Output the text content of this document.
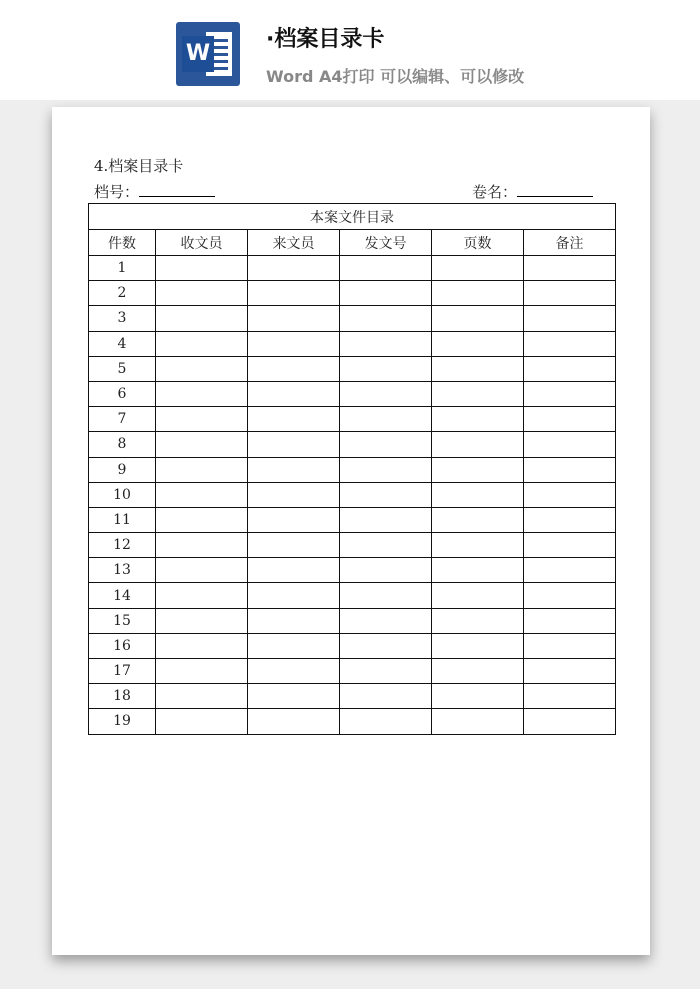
W
·档案目录卡
Word A4打印 可以编辑、可以修改
4.档案目录卡
档号：	卷名：
本案文件目录					
件数	收文员	来文员	发文号	页数	备注
1					
2					
3					
4					
5					
6					
7					
8					
9					
10					
11					
12					
13					
14					
15					
16					
17					
18					
19					
